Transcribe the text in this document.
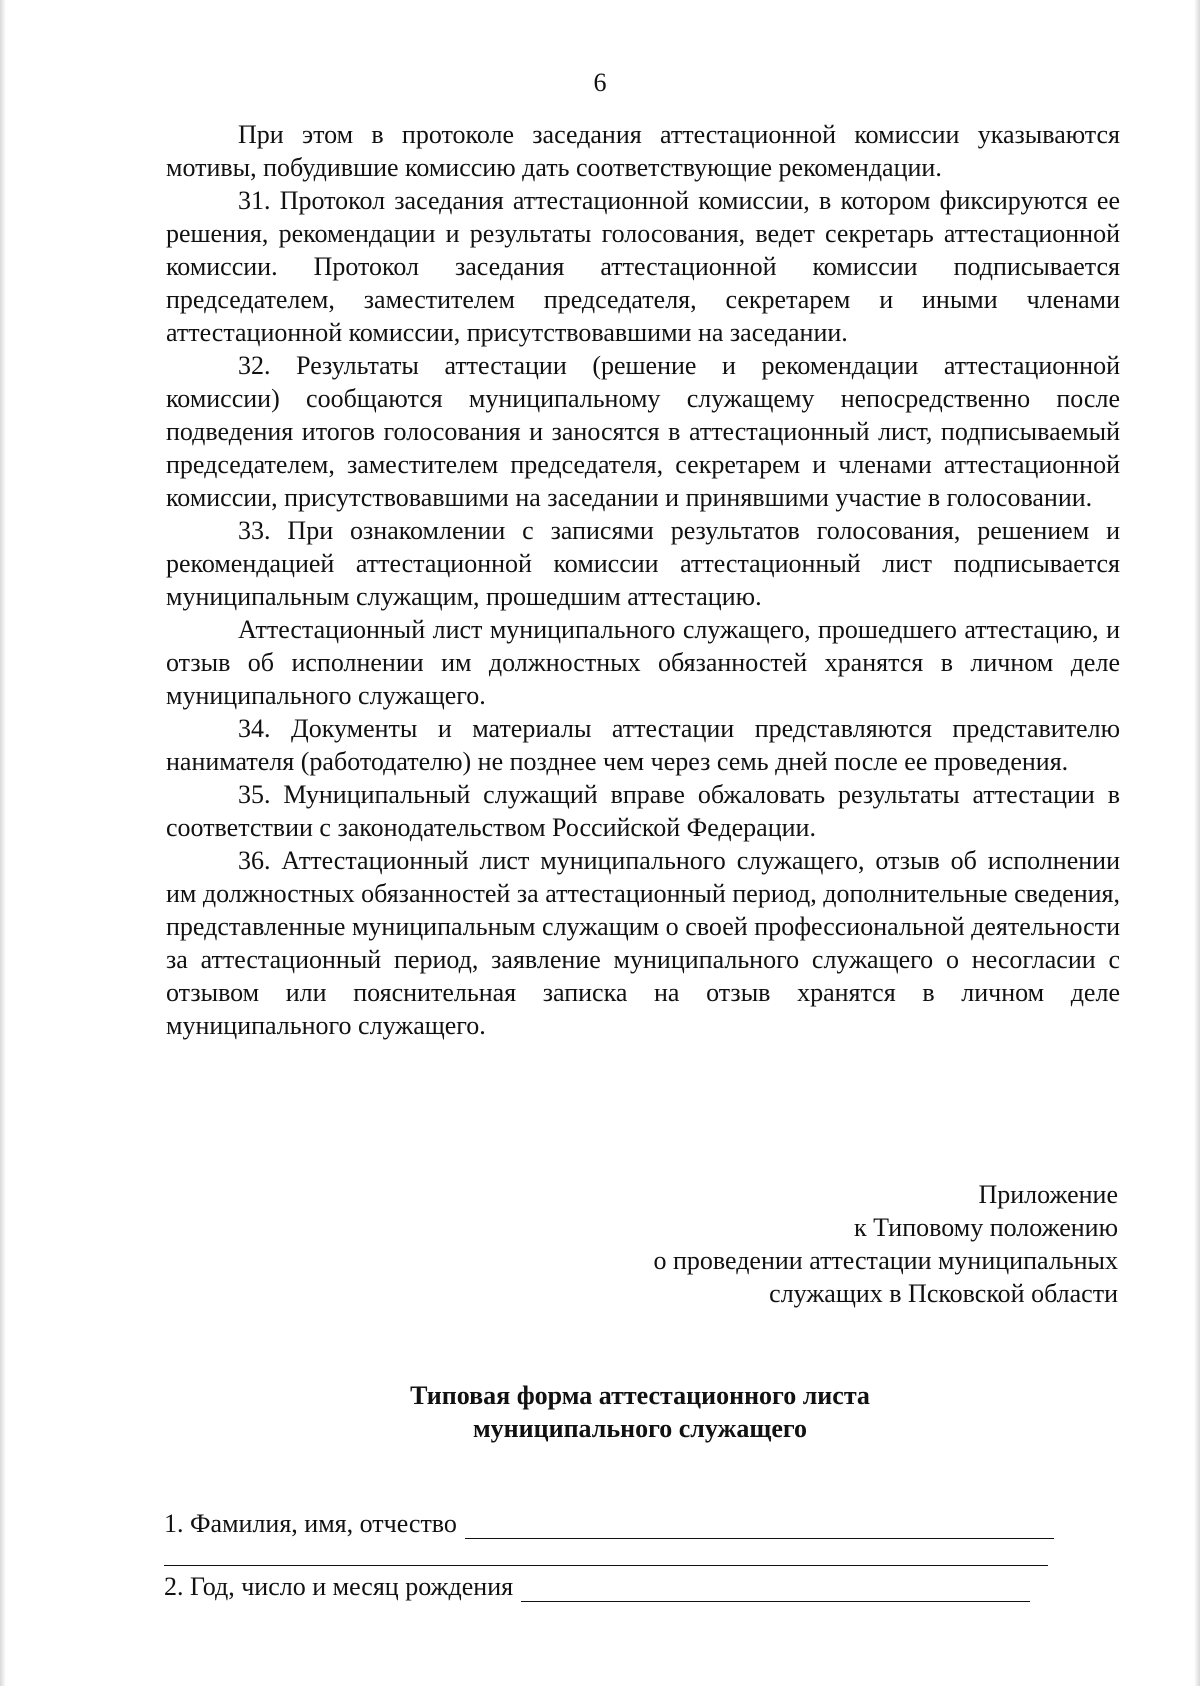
6

При этом в протоколе заседания аттестационной комиссии указываются мотивы, побудившие комиссию дать соответствующие рекомендации.

31. Протокол заседания аттестационной комиссии, в котором фиксируются ее решения, рекомендации и результаты голосования, ведет секретарь аттестационной комиссии. Протокол заседания аттестационной комиссии подписывается председателем, заместителем председателя, секретарем и иными членами аттестационной комиссии, присутствовавшими на заседании.

32. Результаты аттестации (решение и рекомендации аттестационной комиссии) сообщаются муниципальному служащему непосредственно после подведения итогов голосования и заносятся в аттестационный лист, подписываемый председателем, заместителем председателя, секретарем и членами аттестационной комиссии, присутствовавшими на заседании и принявшими участие в голосовании.

33. При ознакомлении с записями результатов голосования, решением и рекомендацией аттестационной комиссии аттестационный лист подписывается муниципальным служащим, прошедшим аттестацию.

Аттестационный лист муниципального служащего, прошедшего аттестацию, и отзыв об исполнении им должностных обязанностей хранятся в личном деле муниципального служащего.

34. Документы и материалы аттестации представляются представителю нанимателя (работодателю) не позднее чем через семь дней после ее проведения.

35. Муниципальный служащий вправе обжаловать результаты аттестации в соответствии с законодательством Российской Федерации.

36. Аттестационный лист муниципального служащего, отзыв об исполнении им должностных обязанностей за аттестационный период, дополнительные сведения, представленные муниципальным служащим о своей профессиональной деятельности за аттестационный период, заявление муниципального служащего о несогласии с отзывом или пояснительная записка на отзыв хранятся в личном деле муниципального служащего.

Приложение
к Типовому положению
о проведении аттестации муниципальных
служащих в Псковской области
Типовая форма аттестационного листа
муниципального служащего
1. Фамилия, имя, отчество
2. Год, число и месяц рождения
